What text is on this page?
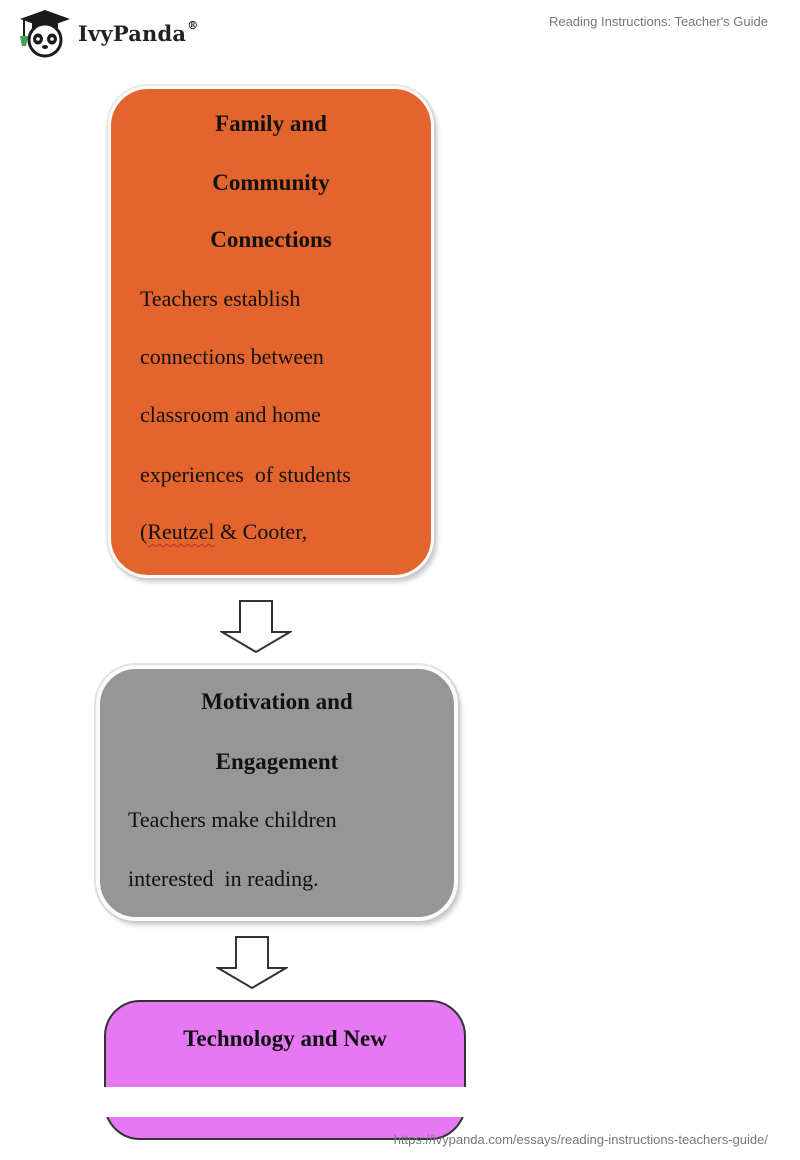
IvyPanda®	Reading Instructions: Teacher's Guide
Family and
Community
Connections
Teachers establish
connections between
classroom and home
experiences  of students
(Reutzel & Cooter,
Motivation and
Engagement
Teachers make children
interested  in reading.
Technology and New
https://ivypanda.com/essays/reading-instructions-teachers-guide/
